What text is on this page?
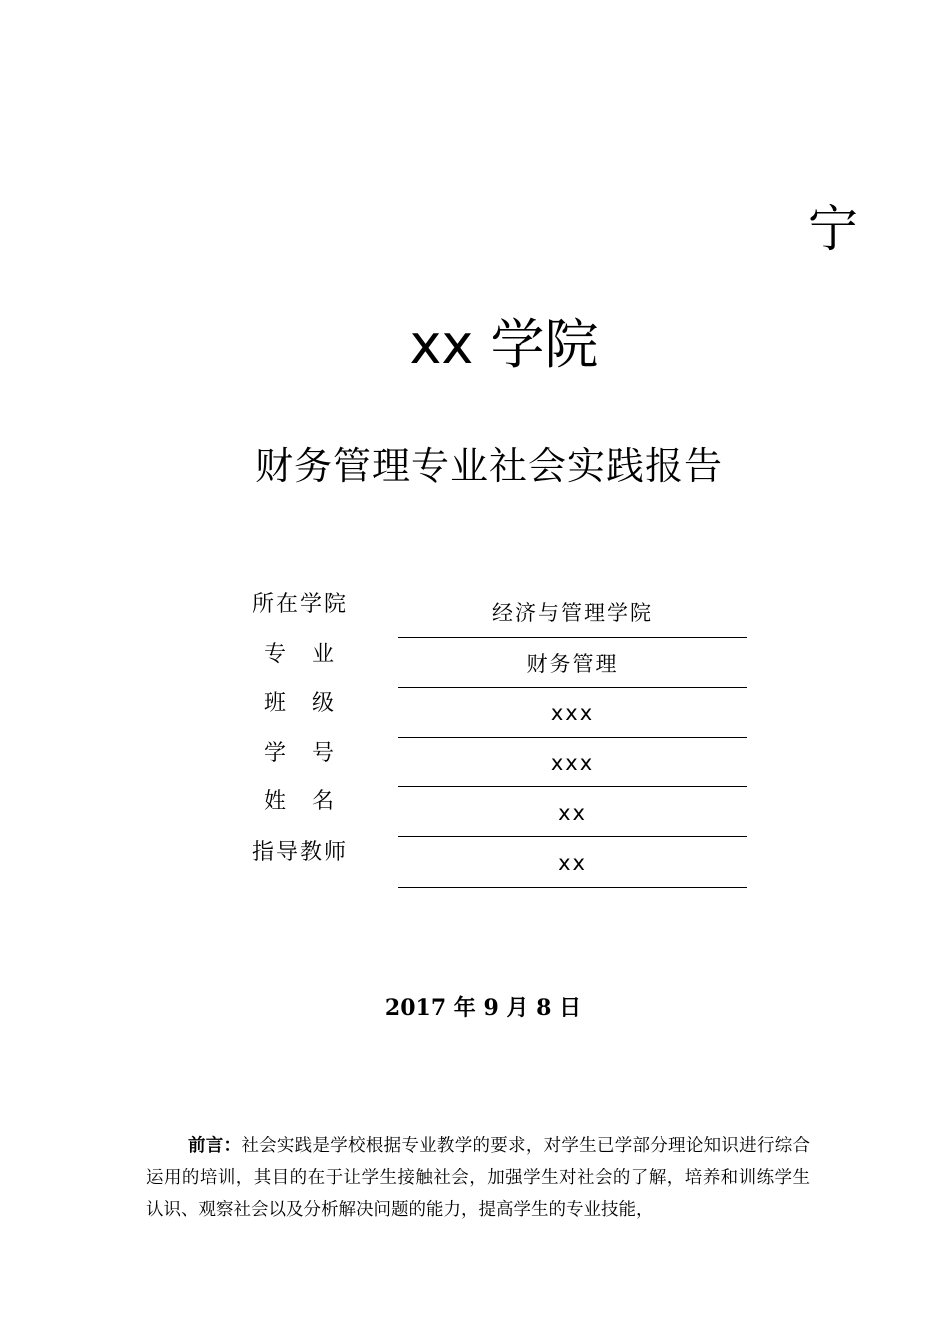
宁
xx 学院
财务管理专业社会实践报告
所在学院	经济与管理学院
专　业	财务管理
班　级	xxx
学　号	xxx
姓　名	xx
指导教师	xx
2017 年 9 月 8 日
前言：社会实践是学校根据专业教学的要求，对学生已学部分理论知识进行综合运用的培训，其目的在于让学生接触社会，加强学生对社会的了解，培养和训练学生认识、观察社会以及分析解决问题的能力，提高学生的专业技能，
